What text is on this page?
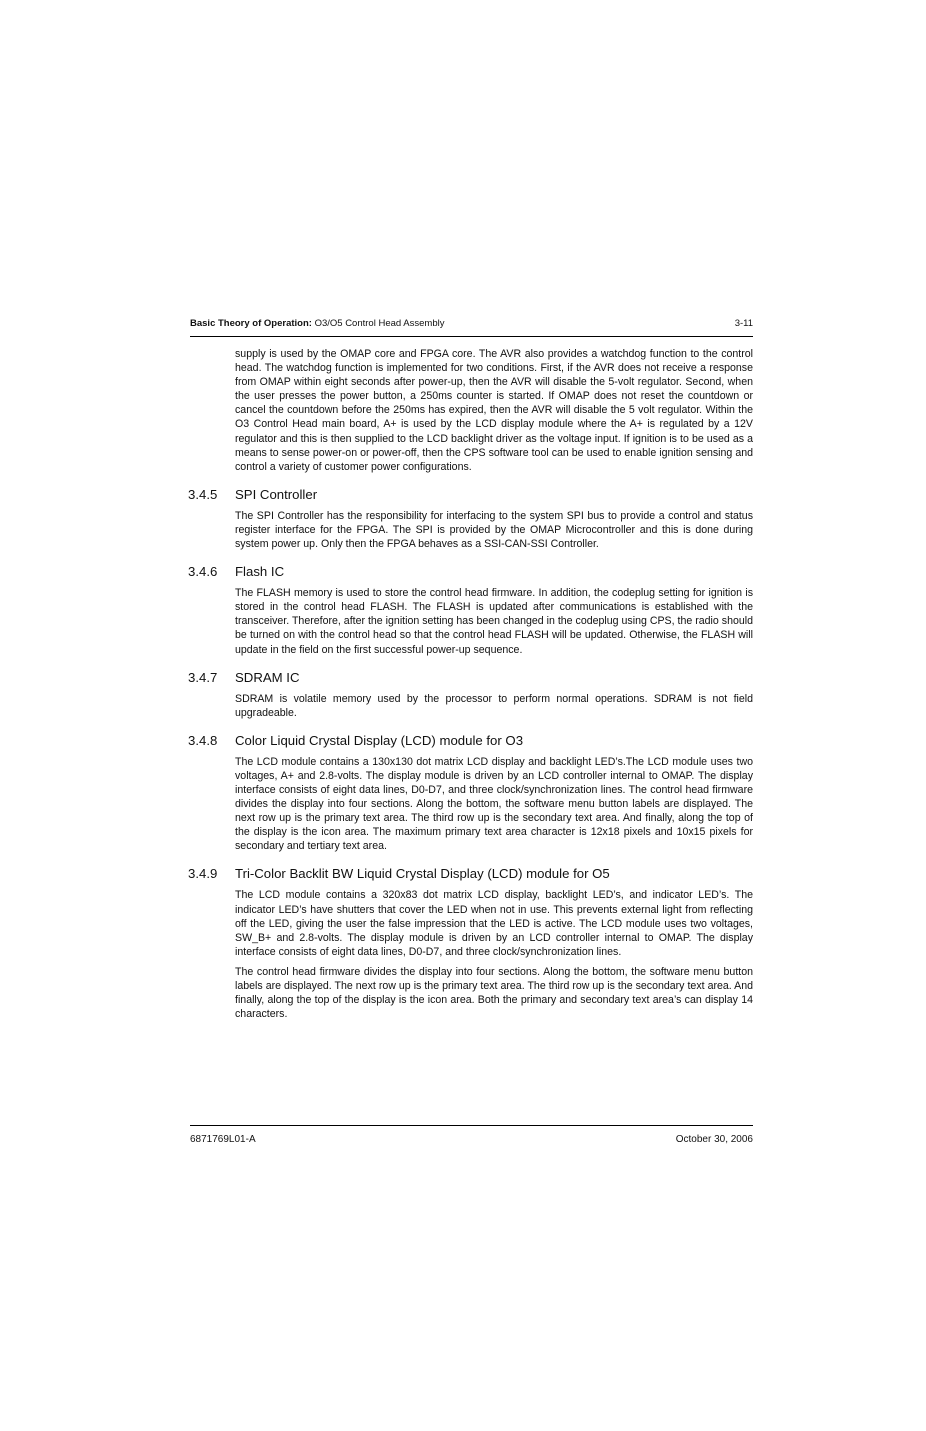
Basic Theory of Operation: O3/O5 Control Head Assembly	3-11

supply is used by the OMAP core and FPGA core. The AVR also provides a watchdog function to the control head. The watchdog function is implemented for two conditions. First, if the AVR does not receive a response from OMAP within eight seconds after power-up, then the AVR will disable the 5-volt regulator. Second, when the user presses the power button, a 250ms counter is started. If OMAP does not reset the countdown or cancel the countdown before the 250ms has expired, then the AVR will disable the 5 volt regulator. Within the O3 Control Head main board, A+ is used by the LCD display module where the A+ is regulated by a 12V regulator and this is then supplied to the LCD backlight driver as the voltage input. If ignition is to be used as a means to sense power-on or power-off, then the CPS software tool can be used to enable ignition sensing and control a variety of customer power configurations.

3.4.5 SPI Controller

The SPI Controller has the responsibility for interfacing to the system SPI bus to provide a control and status register interface for the FPGA. The SPI is provided by the OMAP Microcontroller and this is done during system power up. Only then the FPGA behaves as a SSI-CAN-SSI Controller.

3.4.6 Flash IC

The FLASH memory is used to store the control head firmware. In addition, the codeplug setting for ignition is stored in the control head FLASH. The FLASH is updated after communications is established with the transceiver. Therefore, after the ignition setting has been changed in the codeplug using CPS, the radio should be turned on with the control head so that the control head FLASH will be updated. Otherwise, the FLASH will update in the field on the first successful power-up sequence.

3.4.7 SDRAM IC

SDRAM is volatile memory used by the processor to perform normal operations. SDRAM is not field upgradeable.

3.4.8 Color Liquid Crystal Display (LCD) module for O3

The LCD module contains a 130x130 dot matrix LCD display and backlight LED’s.The LCD module uses two voltages, A+ and 2.8-volts. The display module is driven by an LCD controller internal to OMAP. The display interface consists of eight data lines, D0-D7, and three clock/synchronization lines. The control head firmware divides the display into four sections. Along the bottom, the software menu button labels are displayed. The next row up is the primary text area. The third row up is the secondary text area. And finally, along the top of the display is the icon area. The maximum primary text area character is 12x18 pixels and 10x15 pixels for secondary and tertiary text area.

3.4.9 Tri-Color Backlit BW Liquid Crystal Display (LCD) module for O5

The LCD module contains a 320x83 dot matrix LCD display, backlight LED’s, and indicator LED’s. The indicator LED’s have shutters that cover the LED when not in use. This prevents external light from reflecting off the LED, giving the user the false impression that the LED is active. The LCD module uses two voltages, SW_B+ and 2.8-volts. The display module is driven by an LCD controller internal to OMAP. The display interface consists of eight data lines, D0-D7, and three clock/synchronization lines.

The control head firmware divides the display into four sections. Along the bottom, the software menu button labels are displayed. The next row up is the primary text area. The third row up is the secondary text area. And finally, along the top of the display is the icon area. Both the primary and secondary text area’s can display 14 characters.

6871769L01-A	October 30, 2006
